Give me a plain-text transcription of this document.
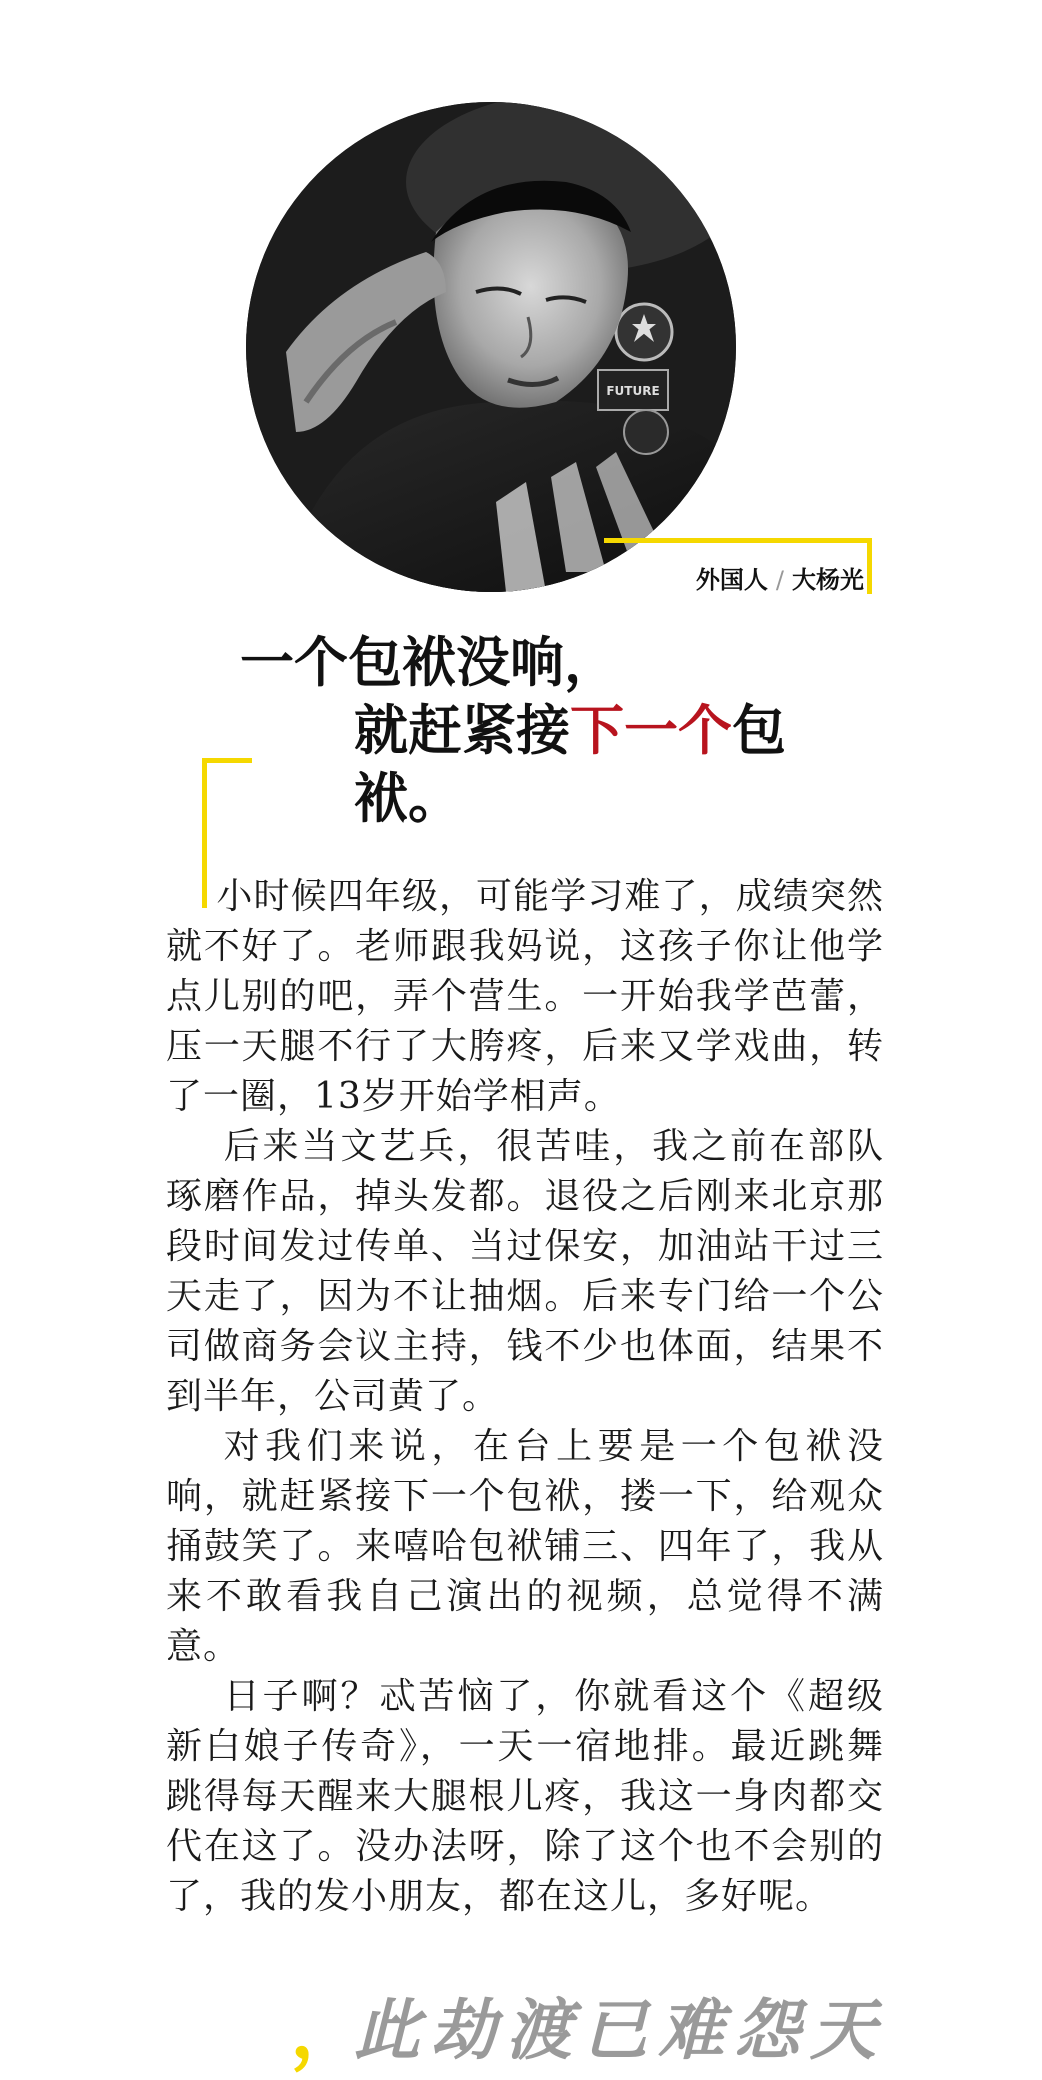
FUTURE
外国人 / 大杨光
一个包袱没响，
就赶紧接下一个包袱。

小时候四年级，可能学习难了，成绩突然就不好了。老师跟我妈说，这孩子你让他学点儿别的吧，弄个营生。一开始我学芭蕾，压一天腿不行了大胯疼，后来又学戏曲，转了一圈，13岁开始学相声。

后来当文艺兵，很苦哇，我之前在部队琢磨作品，掉头发都。退役之后刚来北京那段时间发过传单、当过保安，加油站干过三天走了，因为不让抽烟。后来专门给一个公司做商务会议主持，钱不少也体面，结果不到半年，公司黄了。

对我们来说，在台上要是一个包袱没响，就赶紧接下一个包袱，搂一下，给观众捅鼓笑了。来嘻哈包袱铺三、四年了，我从来不敢看我自己演出的视频，总觉得不满意。

日子啊？忒苦恼了，你就看这个《超级新白娘子传奇》，一天一宿地排。最近跳舞跳得每天醒来大腿根儿疼，我这一身肉都交代在这了。没办法呀，除了这个也不会别的了，我的发小朋友，都在这儿，多好呢。

，
此劫渡已难怨天
